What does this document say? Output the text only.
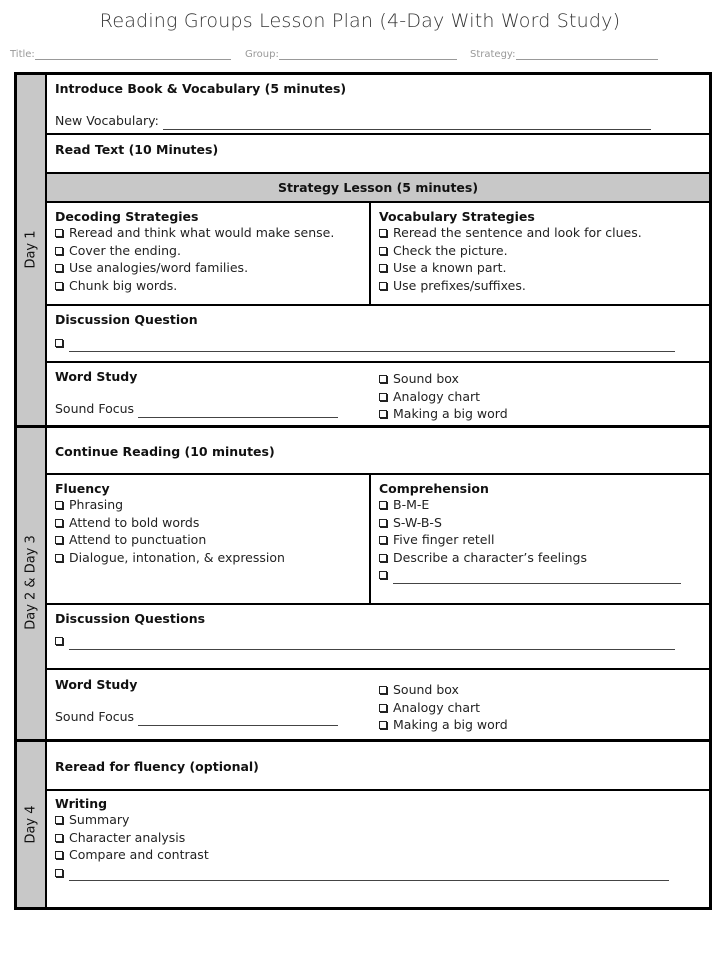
Reading Groups Lesson Plan (4-Day With Word Study)
Title:	Group:	Strategy:
Day 1
Day 2 & Day 3
Day 4
Introduce Book & Vocabulary (5 minutes)
New Vocabulary:
Read Text (10 Minutes)
Strategy Lesson (5 minutes)
Decoding Strategies
Reread and think what would make sense.
Cover the ending.
Use analogies/word families.
Chunk big words.
Vocabulary Strategies
Reread the sentence and look for clues.
Check the picture.
Use a known part.
Use prefixes/suffixes.
Discussion Question
Word Study
Sound Focus
Sound box
Analogy chart
Making a big word
Continue Reading (10 minutes)
Fluency
Phrasing
Attend to bold words
Attend to punctuation
Dialogue, intonation, & expression
Comprehension
B-M-E
S-W-B-S
Five finger retell
Describe a character’s feelings
Discussion Questions
Word Study
Sound Focus
Sound box
Analogy chart
Making a big word
Reread for fluency (optional)
Writing
Summary
Character analysis
Compare and contrast
